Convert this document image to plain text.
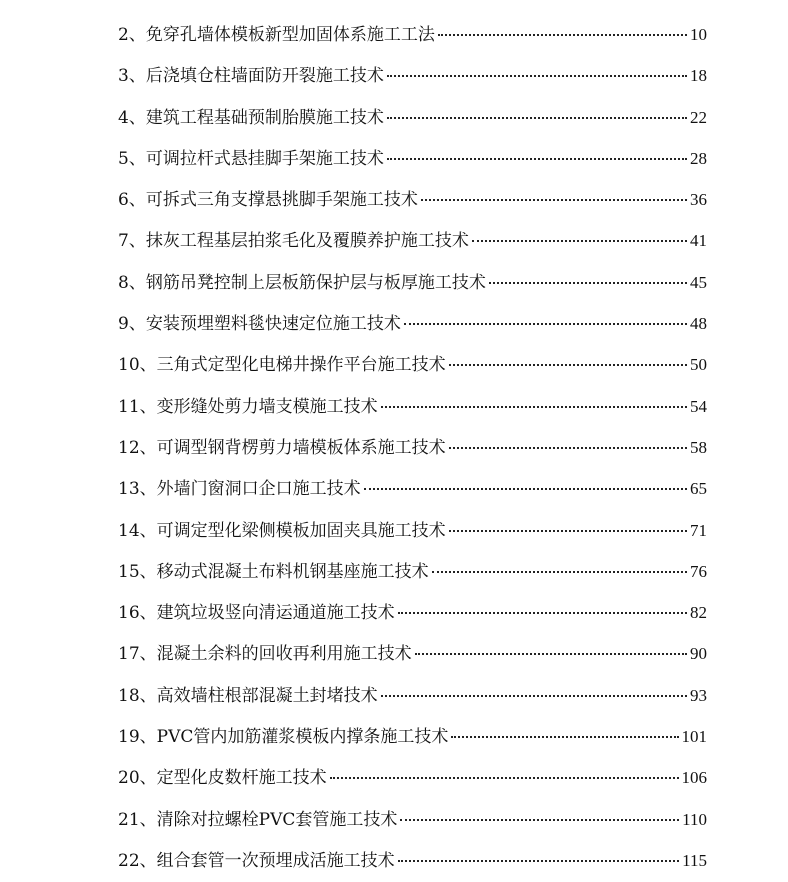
2、 免穿孔墙体模板新型加固体系施工工法	10
3、 后浇填仓柱墙面防开裂施工技术	18
4、 建筑工程基础预制胎膜施工技术	22
5、 可调拉杆式悬挂脚手架施工技术	28
6、 可拆式三角支撑悬挑脚手架施工技术	36
7、 抹灰工程基层拍浆毛化及覆膜养护施工技术	41
8、 钢筋吊凳控制上层板筋保护层与板厚施工技术	45
9、 安装预埋塑料毯快速定位施工技术	48
10、 三角式定型化电梯井操作平台施工技术	50
11、 变形缝处剪力墙支模施工技术	54
12、 可调型钢背楞剪力墙模板体系施工技术	58
13、 外墙门窗洞口企口施工技术	65
14、 可调定型化梁侧模板加固夹具施工技术	71
15、 移动式混凝土布料机钢基座施工技术	76
16、 建筑垃圾竖向清运通道施工技术	82
17、 混凝土余料的回收再利用施工技术	90
18、 高效墙柱根部混凝土封堵技术	93
19、 PVC管内加筋灌浆模板内撑条施工技术	101
20、 定型化皮数杆施工技术	106
21、 清除对拉螺栓PVC套管施工技术	110
22、 组合套管一次预埋成活施工技术	115
